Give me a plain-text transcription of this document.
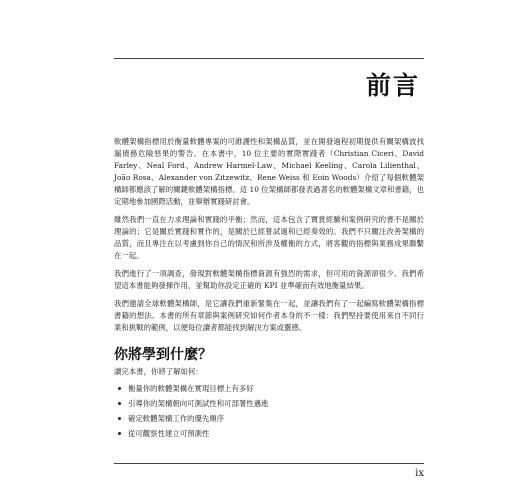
前言

軟體架構指標用於衡量軟體專案的可維護性和架構品質，並在開發過程初期提供有關架構波找漏債務危險惡果的警告。在本書中，10 位主要的實際實踐者（Christian Ciceri、David Farley、Neal Ford、Andrew Harmel-Law、Michael Keeling、Carola Lilienthal、João Rosa、Alexander von Zitzewitz、Rene Weiss 和 Eoin Woods）介紹了每個軟體架構師都應該了解的關鍵軟體架構指標。這 10 位架構師都發表過著名的軟體架構文章和書籍，也定期地參加國際活動，並舉辦實踐研討會。

雖然我們一直在力求理論和實踐的平衡；然而，這本包含了寶貴經驗和案例研究的書不是關於理論的；它是關於實踐和實作的，是關於已經嘗試過和已經奏效的。我們不只關注改善架構的品質，而且專注在以考慮到你自己的情況和所涉及權衡的方式，將客觀的指標與業務成果聯繫在一起。

我們進行了一項調查，發現對軟體架構指標資源有強烈的需求，但可用的資源卻很少。我們希望這本書能夠發揮作用，並幫助你設定正確的 KPI 並準確而有效地衡量結果。

我們邀請全球軟體架構師，是它讓我們重新緊集在一起，並讓我們有了一起編寫軟體架構指標書籍的想法。本書的所有章節與案例研究如何作者本身的不一樣：我們堅持要使用來自不同行業和挑戰的範例，以便每位讀者都能找到解決方案或靈感。

你將學到什麼？
讀完本書，你將了解如何：
衡量你的軟體架構在實現目標上有多好
引導你的架構朝向可測試性和可部署性邁進
確定軟體架構工作的優先順序
從可觀察性建立可預測性
ix
